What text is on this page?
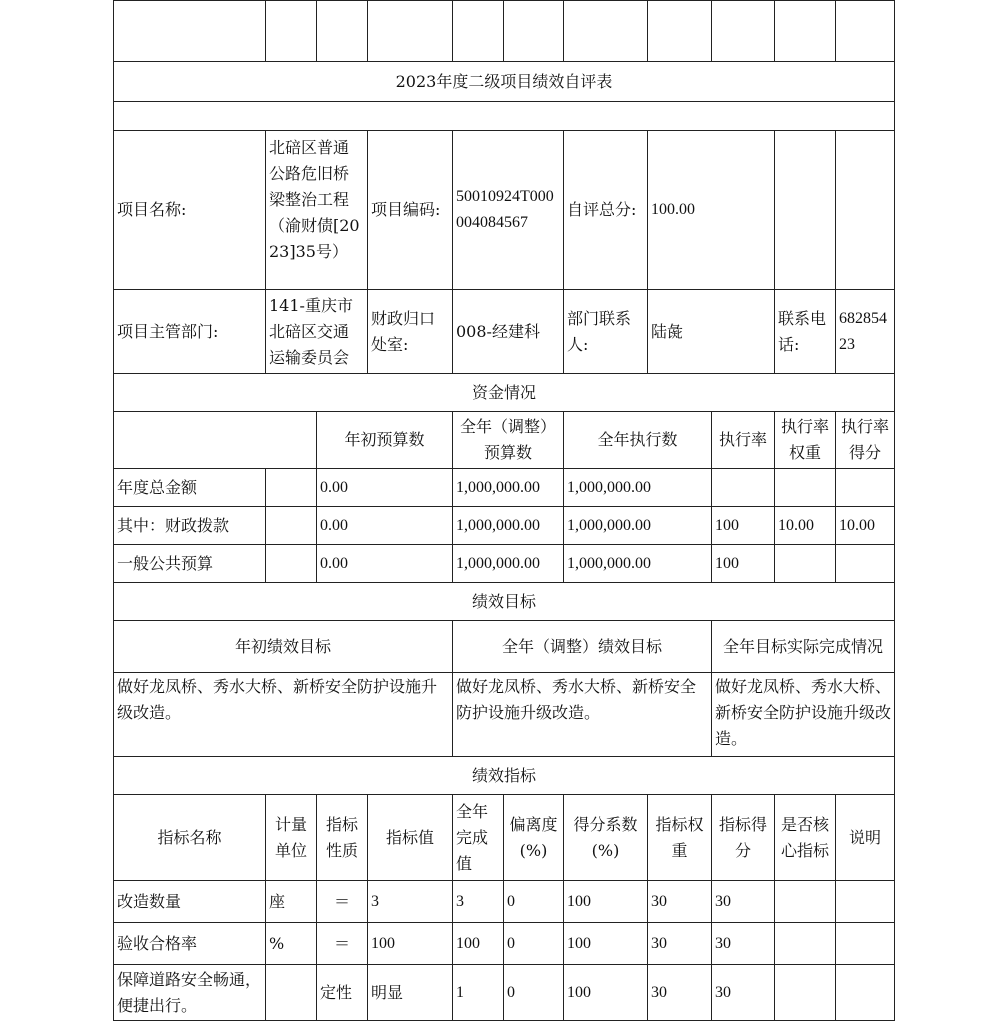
2023年度二级项目绩效自评表										

项目名称:	北碚区普通公路危旧桥梁整治工程（渝财债[2023]35号）		项目编码:	50010924T000004084567		自评总分:	100.00			
项目主管部门:	141-重庆市北碚区交通运输委员会		财政归口处室:	008-经建科		部门联系人:	陆彘		联系电话:	68285423
资金情况										
		年初预算数		全年（调整）预算数		全年执行数		执行率	执行率权重	执行率得分
年度总金额		0.00		1,000,000.00		1,000,000.00				
其中：财政拨款		0.00		1,000,000.00		1,000,000.00		100	10.00	10.00
一般公共预算		0.00		1,000,000.00		1,000,000.00		100		
绩效目标										
年初绩效目标				全年（调整）绩效目标				全年目标实际完成情况		
做好龙凤桥、秀水大桥、新桥安全防护设施升级改造。				做好龙凤桥、秀水大桥、新桥安全防护设施升级改造。				做好龙凤桥、秀水大桥、新桥安全防护设施升级改造。		
绩效指标										
指标名称	计量单位	指标性质	指标值	全年完成值	偏离度(%)	得分系数(%)	指标权重	指标得分	是否核心指标	说明
改造数量	座	＝	3	3	0	100	30	30		
验收合格率	%	＝	100	100	0	100	30	30		
保障道路安全畅通，便捷出行。		定性	明显	1	0	100	30	30		
